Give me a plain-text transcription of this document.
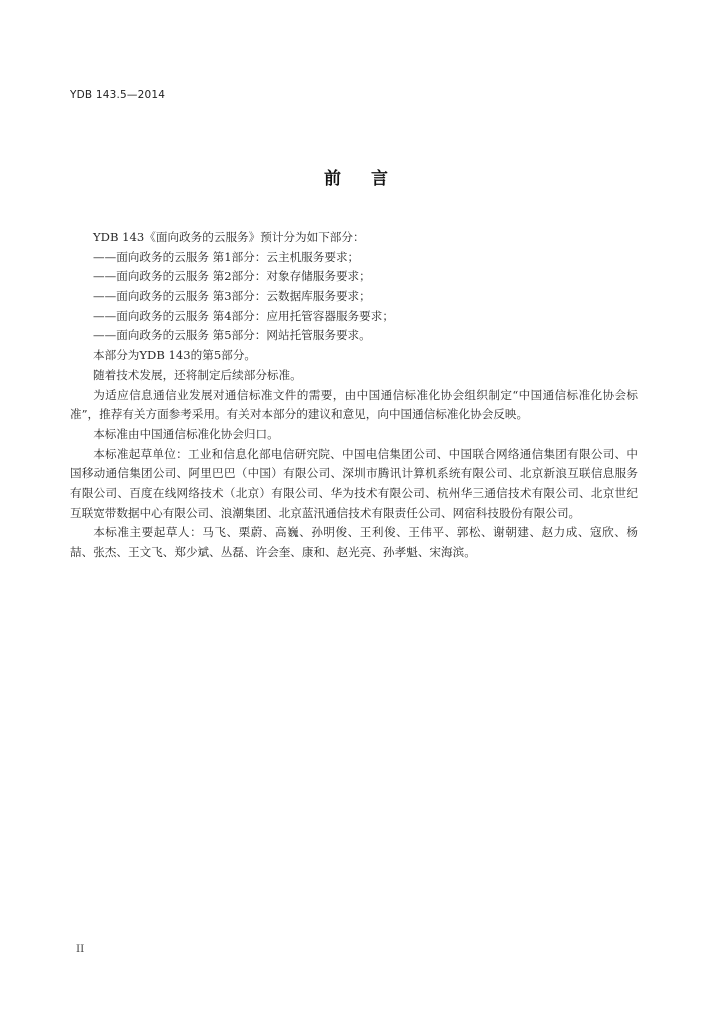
YDB 143.5—2014
前 言
YDB 143《面向政务的云服务》预计分为如下部分：
——面向政务的云服务 第1部分：云主机服务要求；
——面向政务的云服务 第2部分：对象存储服务要求；
——面向政务的云服务 第3部分：云数据库服务要求；
——面向政务的云服务 第4部分：应用托管容器服务要求；
——面向政务的云服务 第5部分：网站托管服务要求。
本部分为YDB 143的第5部分。
随着技术发展，还将制定后续部分标准。
为适应信息通信业发展对通信标准文件的需要，由中国通信标准化协会组织制定“中国通信标准化协会标准”，推荐有关方面参考采用。有关对本部分的建议和意见，向中国通信标准化协会反映。
本标准由中国通信标准化协会归口。
本标准起草单位：工业和信息化部电信研究院、中国电信集团公司、中国联合网络通信集团有限公司、中国移动通信集团公司、阿里巴巴（中国）有限公司、深圳市腾讯计算机系统有限公司、北京新浪互联信息服务有限公司、百度在线网络技术（北京）有限公司、华为技术有限公司、杭州华三通信技术有限公司、北京世纪互联宽带数据中心有限公司、浪潮集团、北京蓝汛通信技术有限责任公司、网宿科技股份有限公司。
本标准主要起草人：马飞、栗蔚、高巍、孙明俊、王利俊、王伟平、郭松、谢朝建、赵力成、寇欣、杨喆、张杰、王文飞、郑少斌、丛磊、许会奎、康和、赵光亮、孙孝魁、宋海滨。
II
